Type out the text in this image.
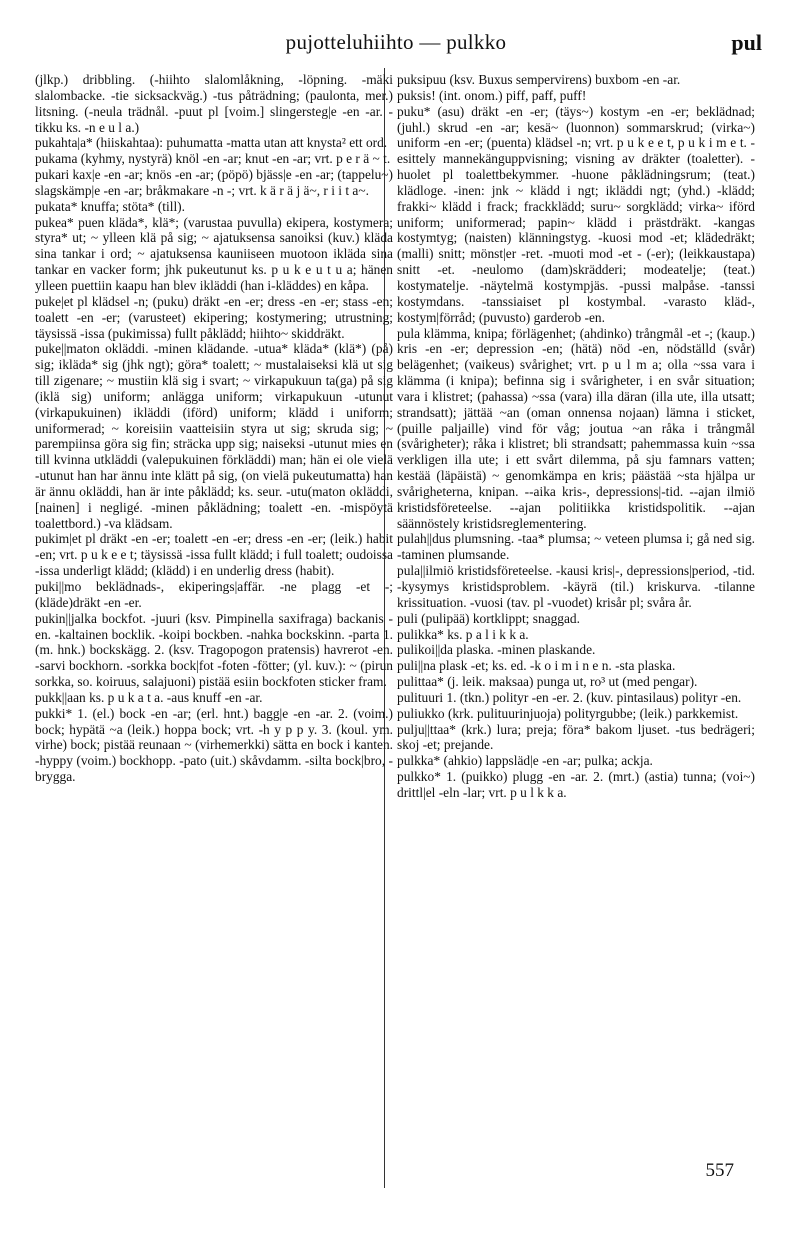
pujotteluhiihto — pulkko	pul

(jlkp.) dribbling. (-hiihto slalomlåkning, -löpning. -mäki slalombacke. -tie sicksackväg.) -tus påträdning; (paulonta, mer.) litsning. (-neula trädnål. -puut pl [voim.] slingersteg|e -en -ar. -tikku ks. -n e u l a.)

pukahta|a* (hiiskahtaa): puhumatta -matta utan att knysta² ett ord.

pukama (kyhmy, nystyrä) knöl -en -ar; knut -en -ar; vrt. p e r ä ~ t.

pukari kax|e -en -ar; knös -en -ar; (pöpö) bjäss|e -en -ar; (tappelu~) slagskämp|e -en -ar; bråkmakare -n -; vrt. k ä r ä j ä~, r i i t a~.

pukata* knuffa; stöta* (till).

pukea* puen kläda*, klä*; (varustaa puvulla) ekipera, kostymera; styra* ut; ~ ylleen klä på sig; ~ ajatuksensa sanoiksi (kuv.) kläda sina tankar i ord; ~ ajatuksensa kauniiseen muotoon iklädа sina tankar en vacker form; jhk pukeutunut ks. p u k e u t u a; hänen ylleen puettiin kaapu han blev ikläddi (han i-kläddes) en kåpa.

puke|et pl klädsel -n; (puku) dräkt -en -er; dress -en -er; stass -en; toalett -en -er; (varusteet) ekipering; kostymering; utrustning; täysissä -issa (pukimissa) fullt påklädd; hiihto~ skiddräkt.

puke||maton okläddi. -minen klädande. -utua* kläda* (klä*) (på) sig; ikläda* sig (jhk ngt); göra* toalett; ~ mustalaiseksi klä ut sig till zigenare; ~ mustiin klä sig i svart; ~ virkapukuun ta(ga) på sig (iklä sig) uniform; anlägga uniform; virkapukuun -utunut (virkapukuinen) ikläddi (iförd) uniform; klädd i uniform; uniformerad; ~ koreisiin vaatteisiin styra ut sig; skruda sig; ~ parempiinsa göra sig fin; sträcka upp sig; naiseksi -utunut mies en till kvinna utkläddi (valepukuinen förkläddi) man; hän ei ole vielä -utunut han har ännu inte klätt på sig, (on vielä pukeutumatta) han är ännu okläddi, han är inte påklädd; ks. seur. -utu(maton okläddi, [nainen] i negligé. -minen påklädning; toalett -en. -mispöytä toalettbord.) -va klädsam.

pukim|et pl dräkt -en -er; toalett -en -er; dress -en -er; (leik.) habit -en; vrt. p u k e e t; täysissä -issa fullt klädd; i full toalett; oudoissa -issa underligt klädd; (klädd) i en underlig dress (habit).

puki||mo beklädnads-, ekiperings|affär. -ne plagg -et -; (kläde)dräkt -en -er.

pukin||jalka bockfot. -juuri (ksv. Pimpinella saxifraga) backanis -en. -kaltainen bocklik. -koipi bockben. -nahka bockskinn. -parta 1. (m. hnk.) bockskägg. 2. (ksv. Tragopogon pratensis) havrerot -en. -sarvi bockhorn. -sorkka bock|fot -foten -fötter; (yl. kuv.): ~ (pirun sorkka, so. koiruus, salajuoni) pistää esiin bockfoten sticker fram.

pukk||aan ks. p u k a t a. -aus knuff -en -ar.

pukki* 1. (el.) bock -en -ar; (erl. hnt.) bagg|e -en -ar. 2. (voim.) bock; hypätä ~a (leik.) hoppa bock; vrt. -h y p p y. 3. (koul. ym. virhe) bock; pistää reunaan ~ (virhemerkki) sätta en bock i kanten. -hyppy (voim.) bockhopp. -pato (uit.) skåvdamm. -silta bock|bro, -brygga.

puksipuu (ksv. Buxus sempervirens) buxbom -en -ar.

puksis! (int. onom.) piff, paff, puff!

puku* (asu) dräkt -en -er; (täys~) kostym -en -er; beklädnad; (juhl.) skrud -en -ar; kesä~ (luonnon) sommarskrud; (virka~) uniform -en -er; (puenta) klädsel -n; vrt. p u k e e t, p u k i m e t. -esittely mannekänguppvisning; visning av dräkter (toaletter). -huolet pl toalettbekymmer. -huone påklädningsrum; (teat.) klädloge. -inen: jnk ~ klädd i ngt; ikläddi ngt; (yhd.) -klädd; frakki~ klädd i frack; frackklädd; suru~ sorgklädd; virka~ iförd uniform; uniformerad; papin~ klädd i prästdräkt. -kangas kostymtyg; (naisten) klänningstyg. -kuosi mod -et; klädedräkt; (malli) snitt; mönst|er -ret. -muoti mod -et - (-er); (leikkaustapa) snitt -et. -neulomo (dam)skrädderi; modeatelje; (teat.) kostymatelje. -näytelmä kostympjäs. -pussi malpåse. -tanssi kostymdans. -tanssiaiset pl kostymbal. -varasto kläd-, kostym|förråd; (puvusto) garderob -en.

pula klämma, knipa; förlägenhet; (ahdinko) trångmål -et -; (kaup.) kris -en -er; depression -en; (hätä) nöd -en, nödställd (svår) belägenhet; (vaikeus) svårighet; vrt. p u l m a; olla ~ssa vara i klämma (i knipa); befinna sig i svårigheter, i en svår situation; vara i klistret; (pahassa) ~ssa (vara) illa däran (illa ute, illa utsatt; strandsatt); jättää ~an (oman onnensa nojaan) lämna i sticket, (puille paljaille) vind för våg; joutua ~an råka i trångmål (svårigheter); råka i klistret; bli strandsatt; pahemmassa kuin ~ssa verkligen illa ute; i ett svårt dilemma, på sju famnars vatten; kestää (läpäistä) ~ genomkämpa en kris; päästää ~sta hjälpa ur svårigheterna, knipan. --aika kris-, depressions|-tid. --ajan ilmiö kristidsföreteelse. --ajan politiikka kristidspolitik. --ajan säännöstely kristidsreglementering.

pulah||dus plumsning. -taa* plumsa; ~ veteen plumsa i; gå ned sig. -taminen plumsande.

pula||ilmiö kristidsföreteelse. -kausi kris|-, depressions|period, -tid. -kysymys kristidsproblem. -käyrä (til.) kriskurva. -tilanne krissituation. -vuosi (tav. pl -vuodet) krisår pl; svåra år.

puli (pulipää) kortklippt; snaggad.

pulikka* ks. p a l i k k a.

pulikoi||da plaska. -minen plaskande.

puli||na plask -et; ks. ed. -k o i m i n e n. -sta plaska.

pulittaa* (j. leik. maksaa) punga ut, ro³ ut (med pengar).

pulituuri 1. (tkn.) polityr -en -er. 2. (kuv. pintasilaus) polityr -en.

puliukko (krk. pulituurinjuoja) polityrgubbe; (leik.) parkkemist.

pulju||ttaa* (krk.) lura; preja; föra* bakom ljuset. -tus bedrägeri; skoj -et; prejande.

pulkka* (ahkio) lappsläd|e -en -ar; pulka; ackja.

pulkko* 1. (puikko) plugg -en -ar. 2. (mrt.) (astia) tunna; (voi~) drittl|el -eln -lar; vrt. p u l k k a.

557
